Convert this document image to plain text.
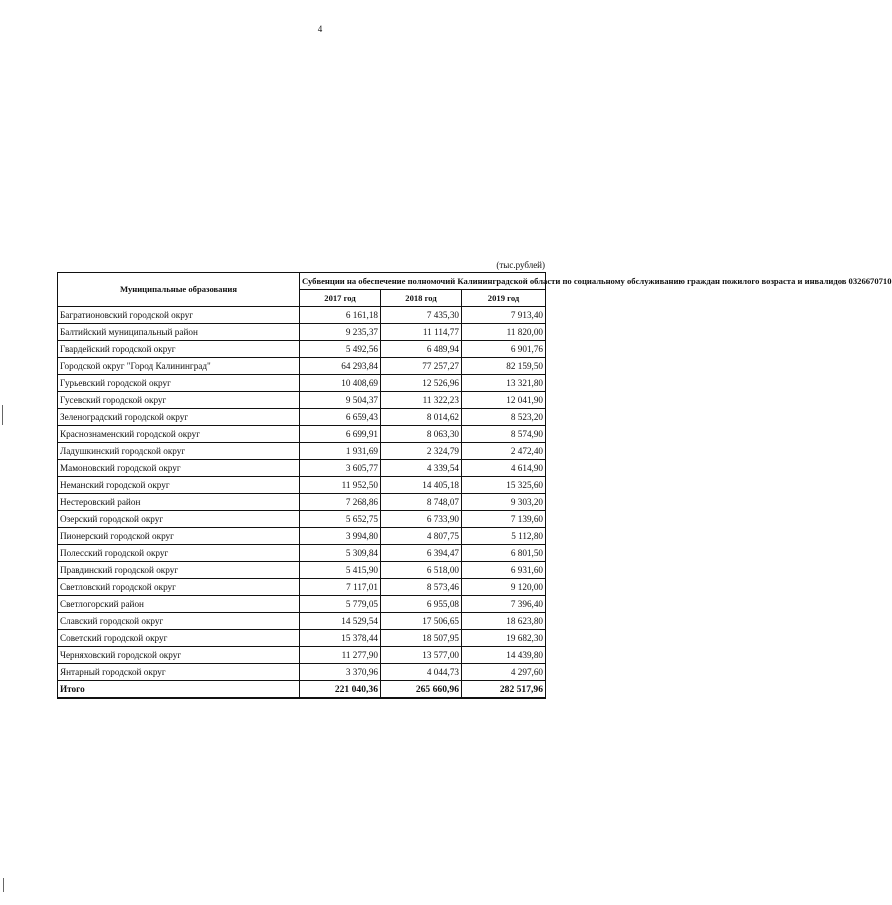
4
(тыс.рублей)
Муниципальные образования	Субвенции на обеспечение полномочий Калининградской области по социальному обслуживанию граждан пожилого возраста и инвалидов 0326670710		
	2017 год	2018 год	2019 год
Багратионовский городской округ	6 161,18	7 435,30	7 913,40
Балтийский муниципальный район	9 235,37	11 114,77	11 820,00
Гвардейский городской округ	5 492,56	6 489,94	6 901,76
Городской округ "Город Калининград"	64 293,84	77 257,27	82 159,50
Гурьевский городской округ	10 408,69	12 526,96	13 321,80
Гусевский городской округ	9 504,37	11 322,23	12 041,90
Зеленоградский городской округ	6 659,43	8 014,62	8 523,20
Краснознаменский городской округ	6 699,91	8 063,30	8 574,90
Ладушкинский городской округ	1 931,69	2 324,79	2 472,40
Мамоновский городской округ	3 605,77	4 339,54	4 614,90
Неманский городской округ	11 952,50	14 405,18	15 325,60
Нестеровский район	7 268,86	8 748,07	9 303,20
Озерский городской округ	5 652,75	6 733,90	7 139,60
Пионерский городской округ	3 994,80	4 807,75	5 112,80
Полесский городской округ	5 309,84	6 394,47	6 801,50
Правдинский городской округ	5 415,90	6 518,00	6 931,60
Светловский городской округ	7 117,01	8 573,46	9 120,00
Светлогорский район	5 779,05	6 955,08	7 396,40
Славский городской округ	14 529,54	17 506,65	18 623,80
Советский городской округ	15 378,44	18 507,95	19 682,30
Черняховский городской округ	11 277,90	13 577,00	14 439,80
Янтарный городской округ	3 370,96	4 044,73	4 297,60
Итого	221 040,36	265 660,96	282 517,96
